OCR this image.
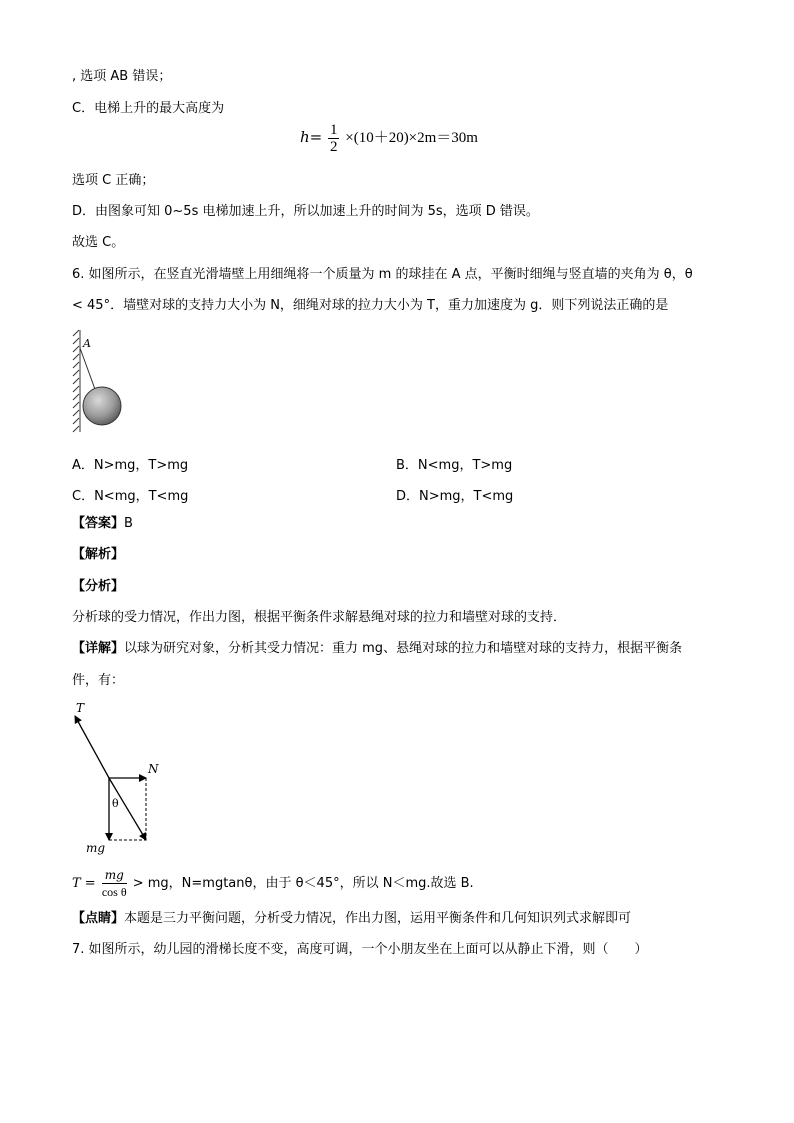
, 选项 AB 错误；
C．电梯上升的最大高度为
$h= \frac{1}{2} \times(10+20)\times 2m=30m$
选项 C 正确；
D．由图象可知 0~5s 电梯加速上升，所以加速上升的时间为 5s，选项 D 错误。
故选 C。
6. 如图所示，在竖直光滑墙壁上用细绳将一个质量为 m 的球挂在 A 点，平衡时细绳与竖直墙的夹角为 θ，θ
< 45°．墙壁对球的支持力大小为 N，细绳对球的拉力大小为 T，重力加速度为 g．则下列说法正确的是
A
A．N>mg，T>mg	B．N<mg，T>mg
C．N<mg，T<mg	D．N>mg，T<mg
【答案】B
【解析】
【分析】
分析球的受力情况，作出力图，根据平衡条件求解悬绳对球的拉力和墙壁对球的支持．
【详解】以球为研究对象，分析其受力情况：重力 mg、悬绳对球的拉力和墙壁对球的支持力，根据平衡条
件，有：
T
N
θ
mg
$T = \frac{mg}{\text{cos θ}}$ > mg，N=mgtanθ，由于 θ＜45°，所以 N＜mg.故选 B.
【点睛】本题是三力平衡问题，分析受力情况，作出力图，运用平衡条件和几何知识列式求解即可
7. 如图所示，幼儿园的滑梯长度不变，高度可调，一个小朋友坐在上面可以从静止下滑，则（　　）
